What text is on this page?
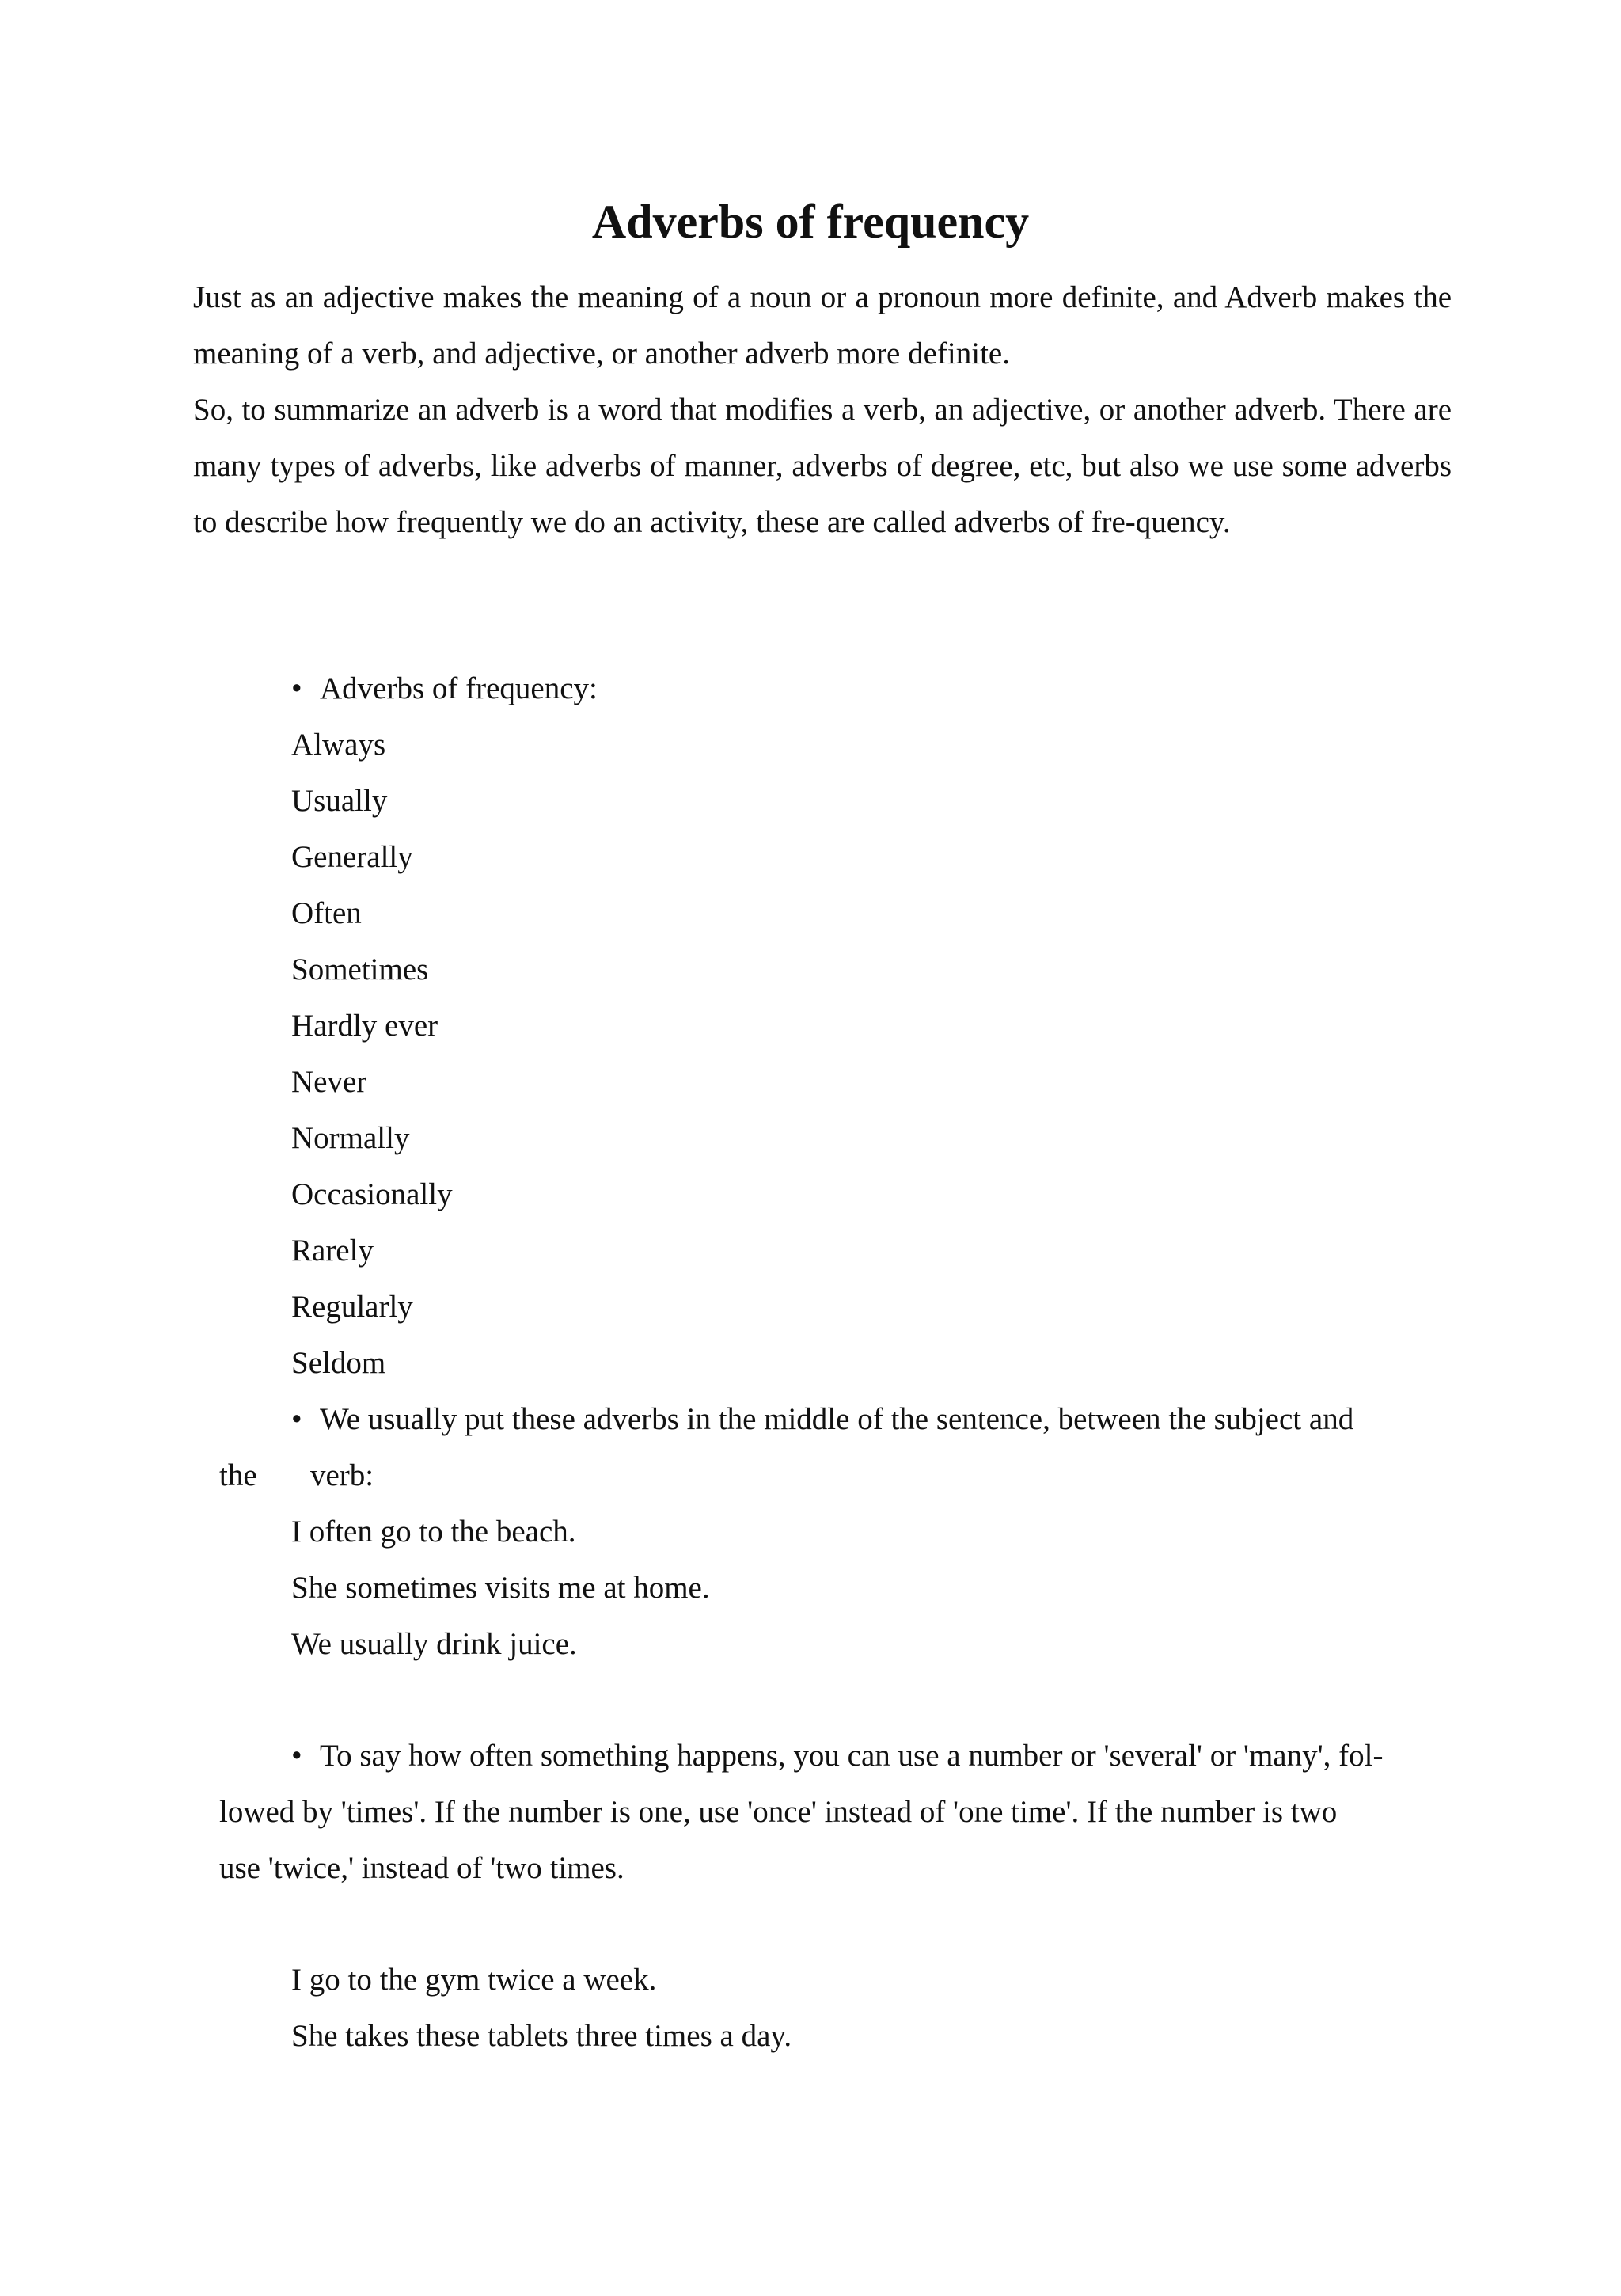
Adverbs of frequency

Just as an adjective makes the meaning of a noun or a pronoun more definite, and Adverb makes the meaning of a verb, and adjective, or another adverb more definite.

So, to summarize an adverb is a word that modifies a verb, an adjective, or another adverb. There are many types of adverbs, like adverbs of manner, adverbs of degree, etc, but also we use some adverbs to describe how frequently we do an activity, these are called adverbs of fre-quency.

• Adverbs of frequency:
Always
Usually
Generally
Often
Sometimes
Hardly ever
Never
Normally
Occasionally
Rarely
Regularly
Seldom
• We usually put these adverbs in the middle of the sentence, between the subject and
the verb:
I often go to the beach.
She sometimes visits me at home.
We usually drink juice.
• To say how often something happens, you can use a number or 'several' or 'many', fol-
lowed by 'times'. If the number is one, use 'once' instead of 'one time'. If the number is two
use 'twice,' instead of 'two times.
I go to the gym twice a week.
She takes these tablets three times a day.
